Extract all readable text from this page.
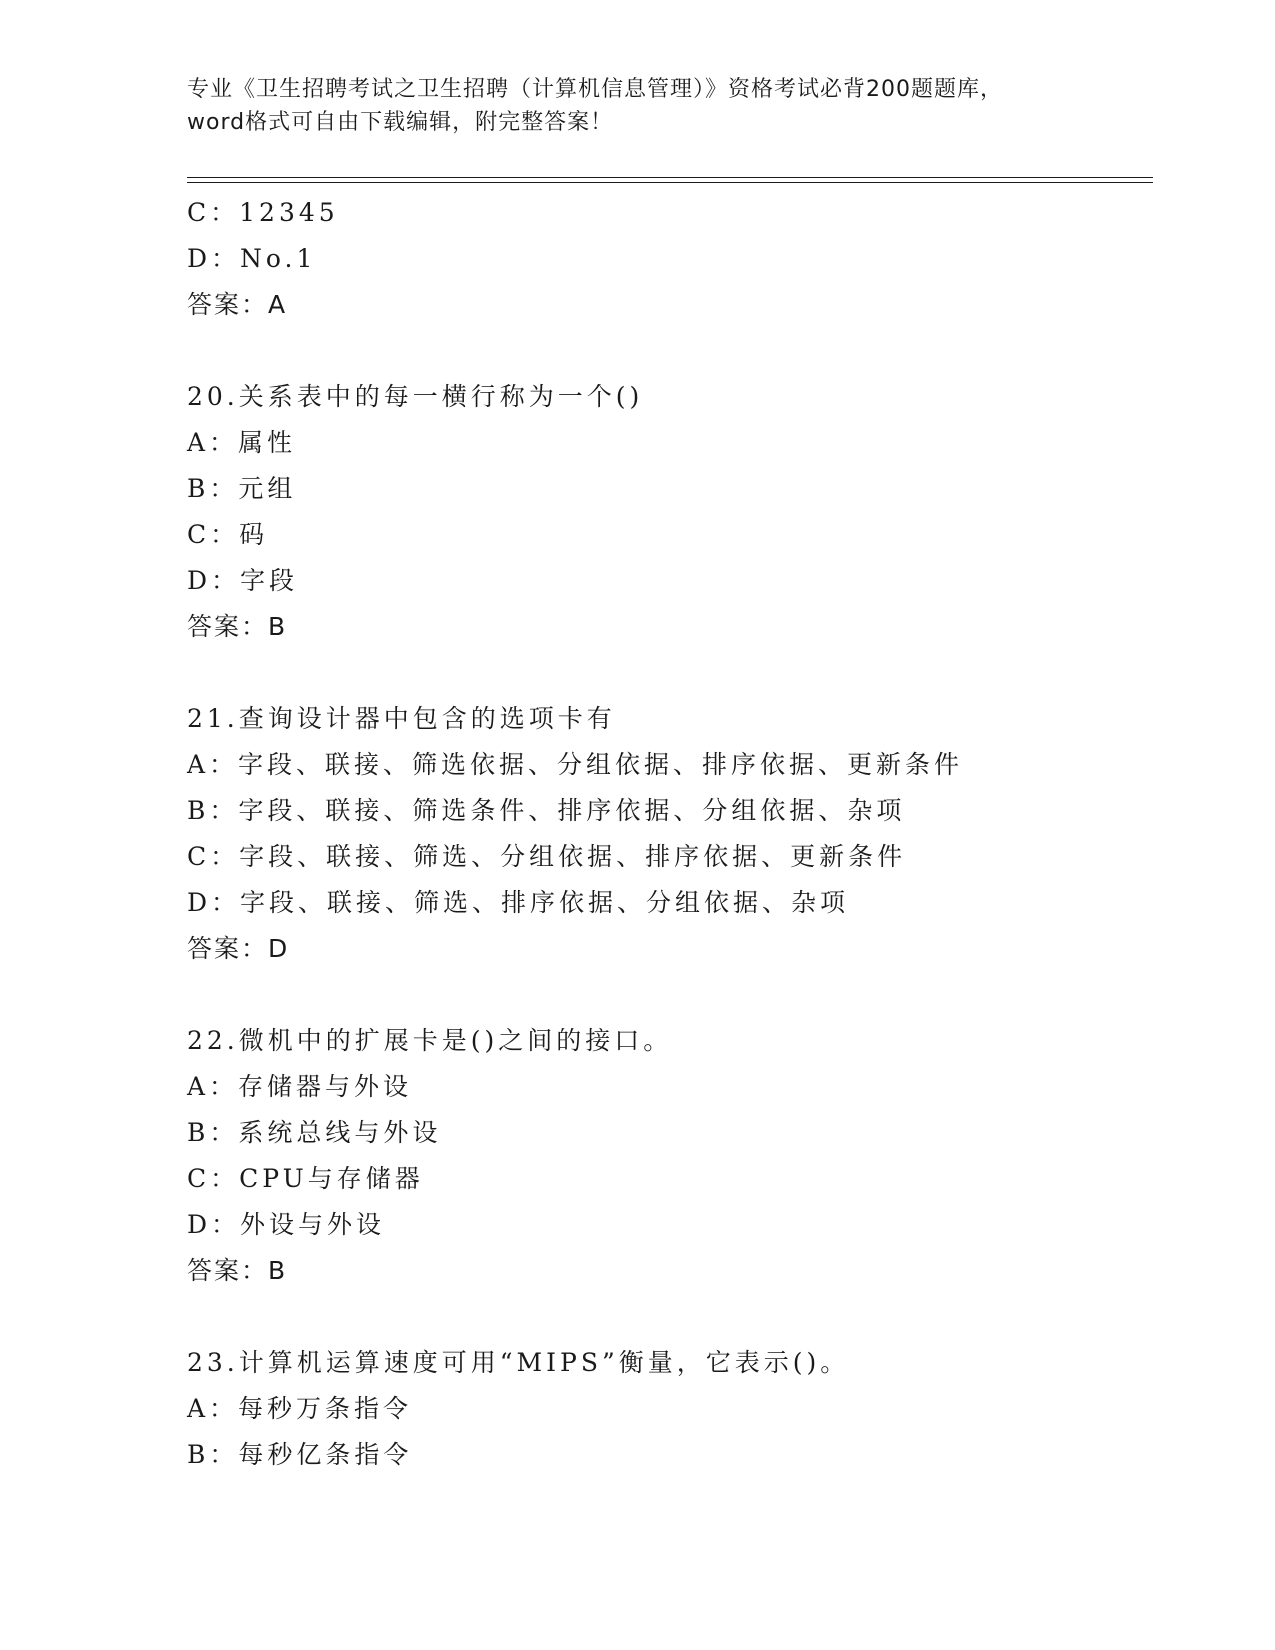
专业《卫生招聘考试之卫生招聘（计算机信息管理）》资格考试必背200题题库，
word格式可自由下载编辑，附完整答案！
C：12345
D：No.1
答案：A
20.关系表中的每一横行称为一个()
A：属性
B：元组
C：码
D：字段
答案：B
21.查询设计器中包含的选项卡有
A：字段、联接、筛选依据、分组依据、排序依据、更新条件
B：字段、联接、筛选条件、排序依据、分组依据、杂项
C：字段、联接、筛选、分组依据、排序依据、更新条件
D：字段、联接、筛选、排序依据、分组依据、杂项
答案：D
22.微机中的扩展卡是()之间的接口。
A：存储器与外设
B：系统总线与外设
C：CPU与存储器
D：外设与外设
答案：B
23.计算机运算速度可用“MIPS”衡量，它表示()。
A：每秒万条指令
B：每秒亿条指令
